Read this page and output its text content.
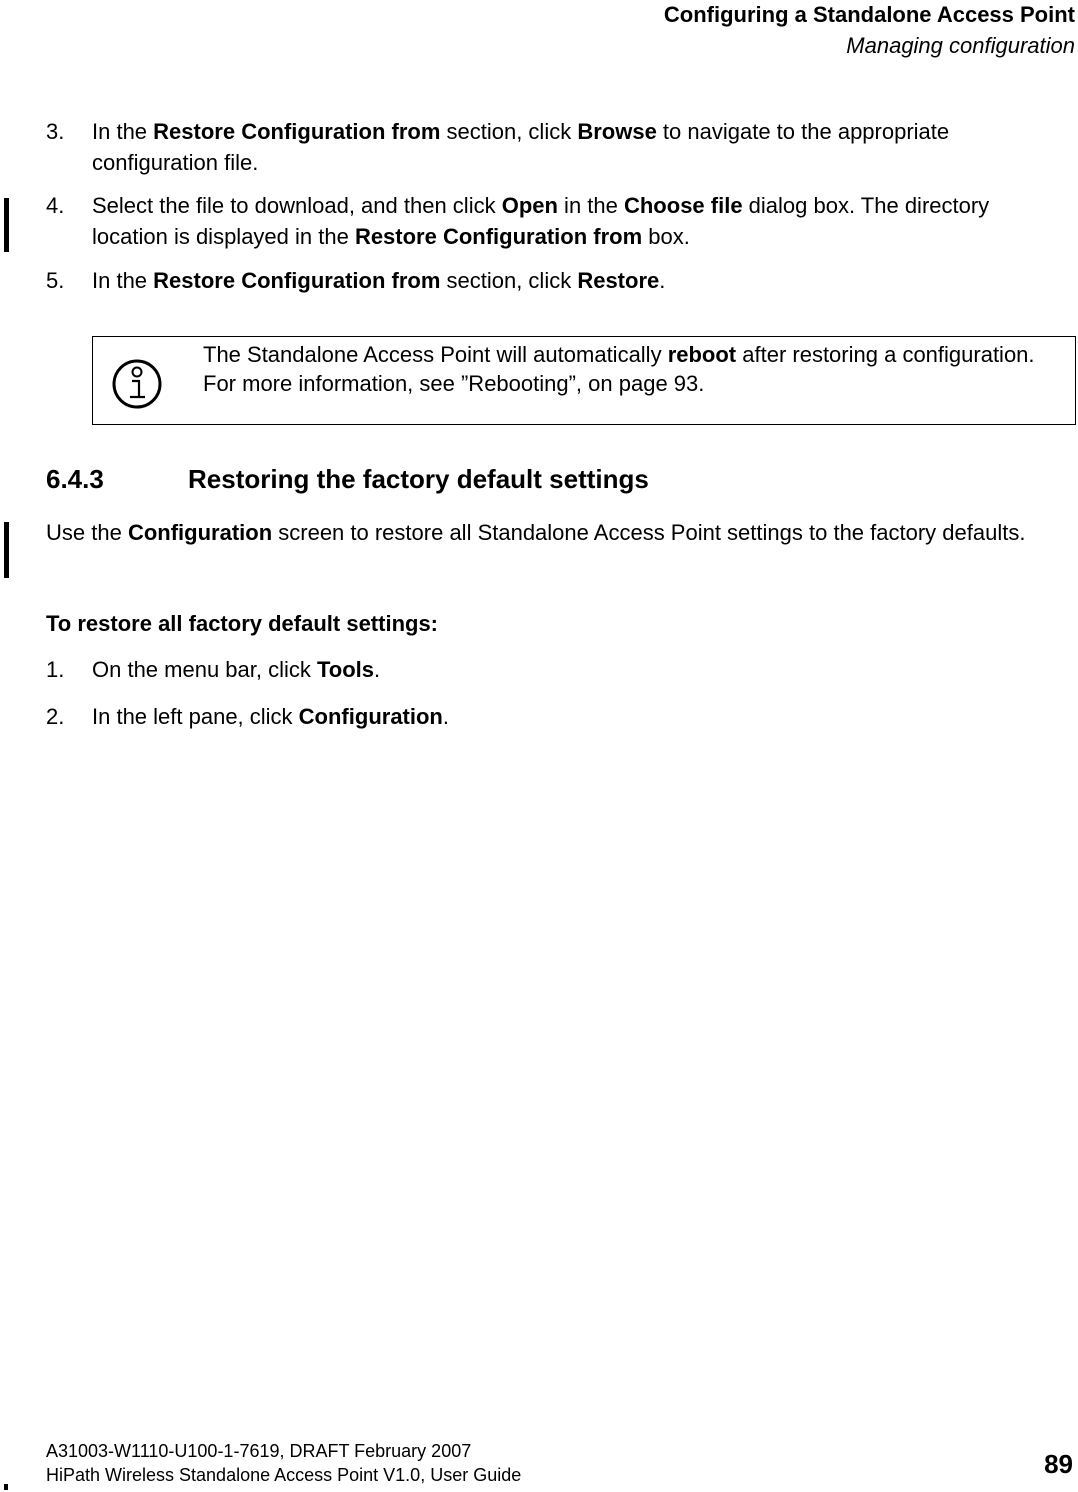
Configuring a Standalone Access Point
Managing configuration
3. In the Restore Configuration from section, click Browse to navigate to the appropriate configuration file.
4. Select the file to download, and then click Open in the Choose file dialog box. The directory location is displayed in the Restore Configuration from box.
5. In the Restore Configuration from section, click Restore.
The Standalone Access Point will automatically reboot after restoring a configuration. For more information, see ”Rebooting”, on page 93.
6.4.3	Restoring the factory default settings
Use the Configuration screen to restore all Standalone Access Point settings to the factory defaults.
To restore all factory default settings:
1. On the menu bar, click Tools.
2. In the left pane, click Configuration.
A31003-W1110-U100-1-7619, DRAFT February 2007
HiPath Wireless Standalone Access Point V1.0, User Guide	89
